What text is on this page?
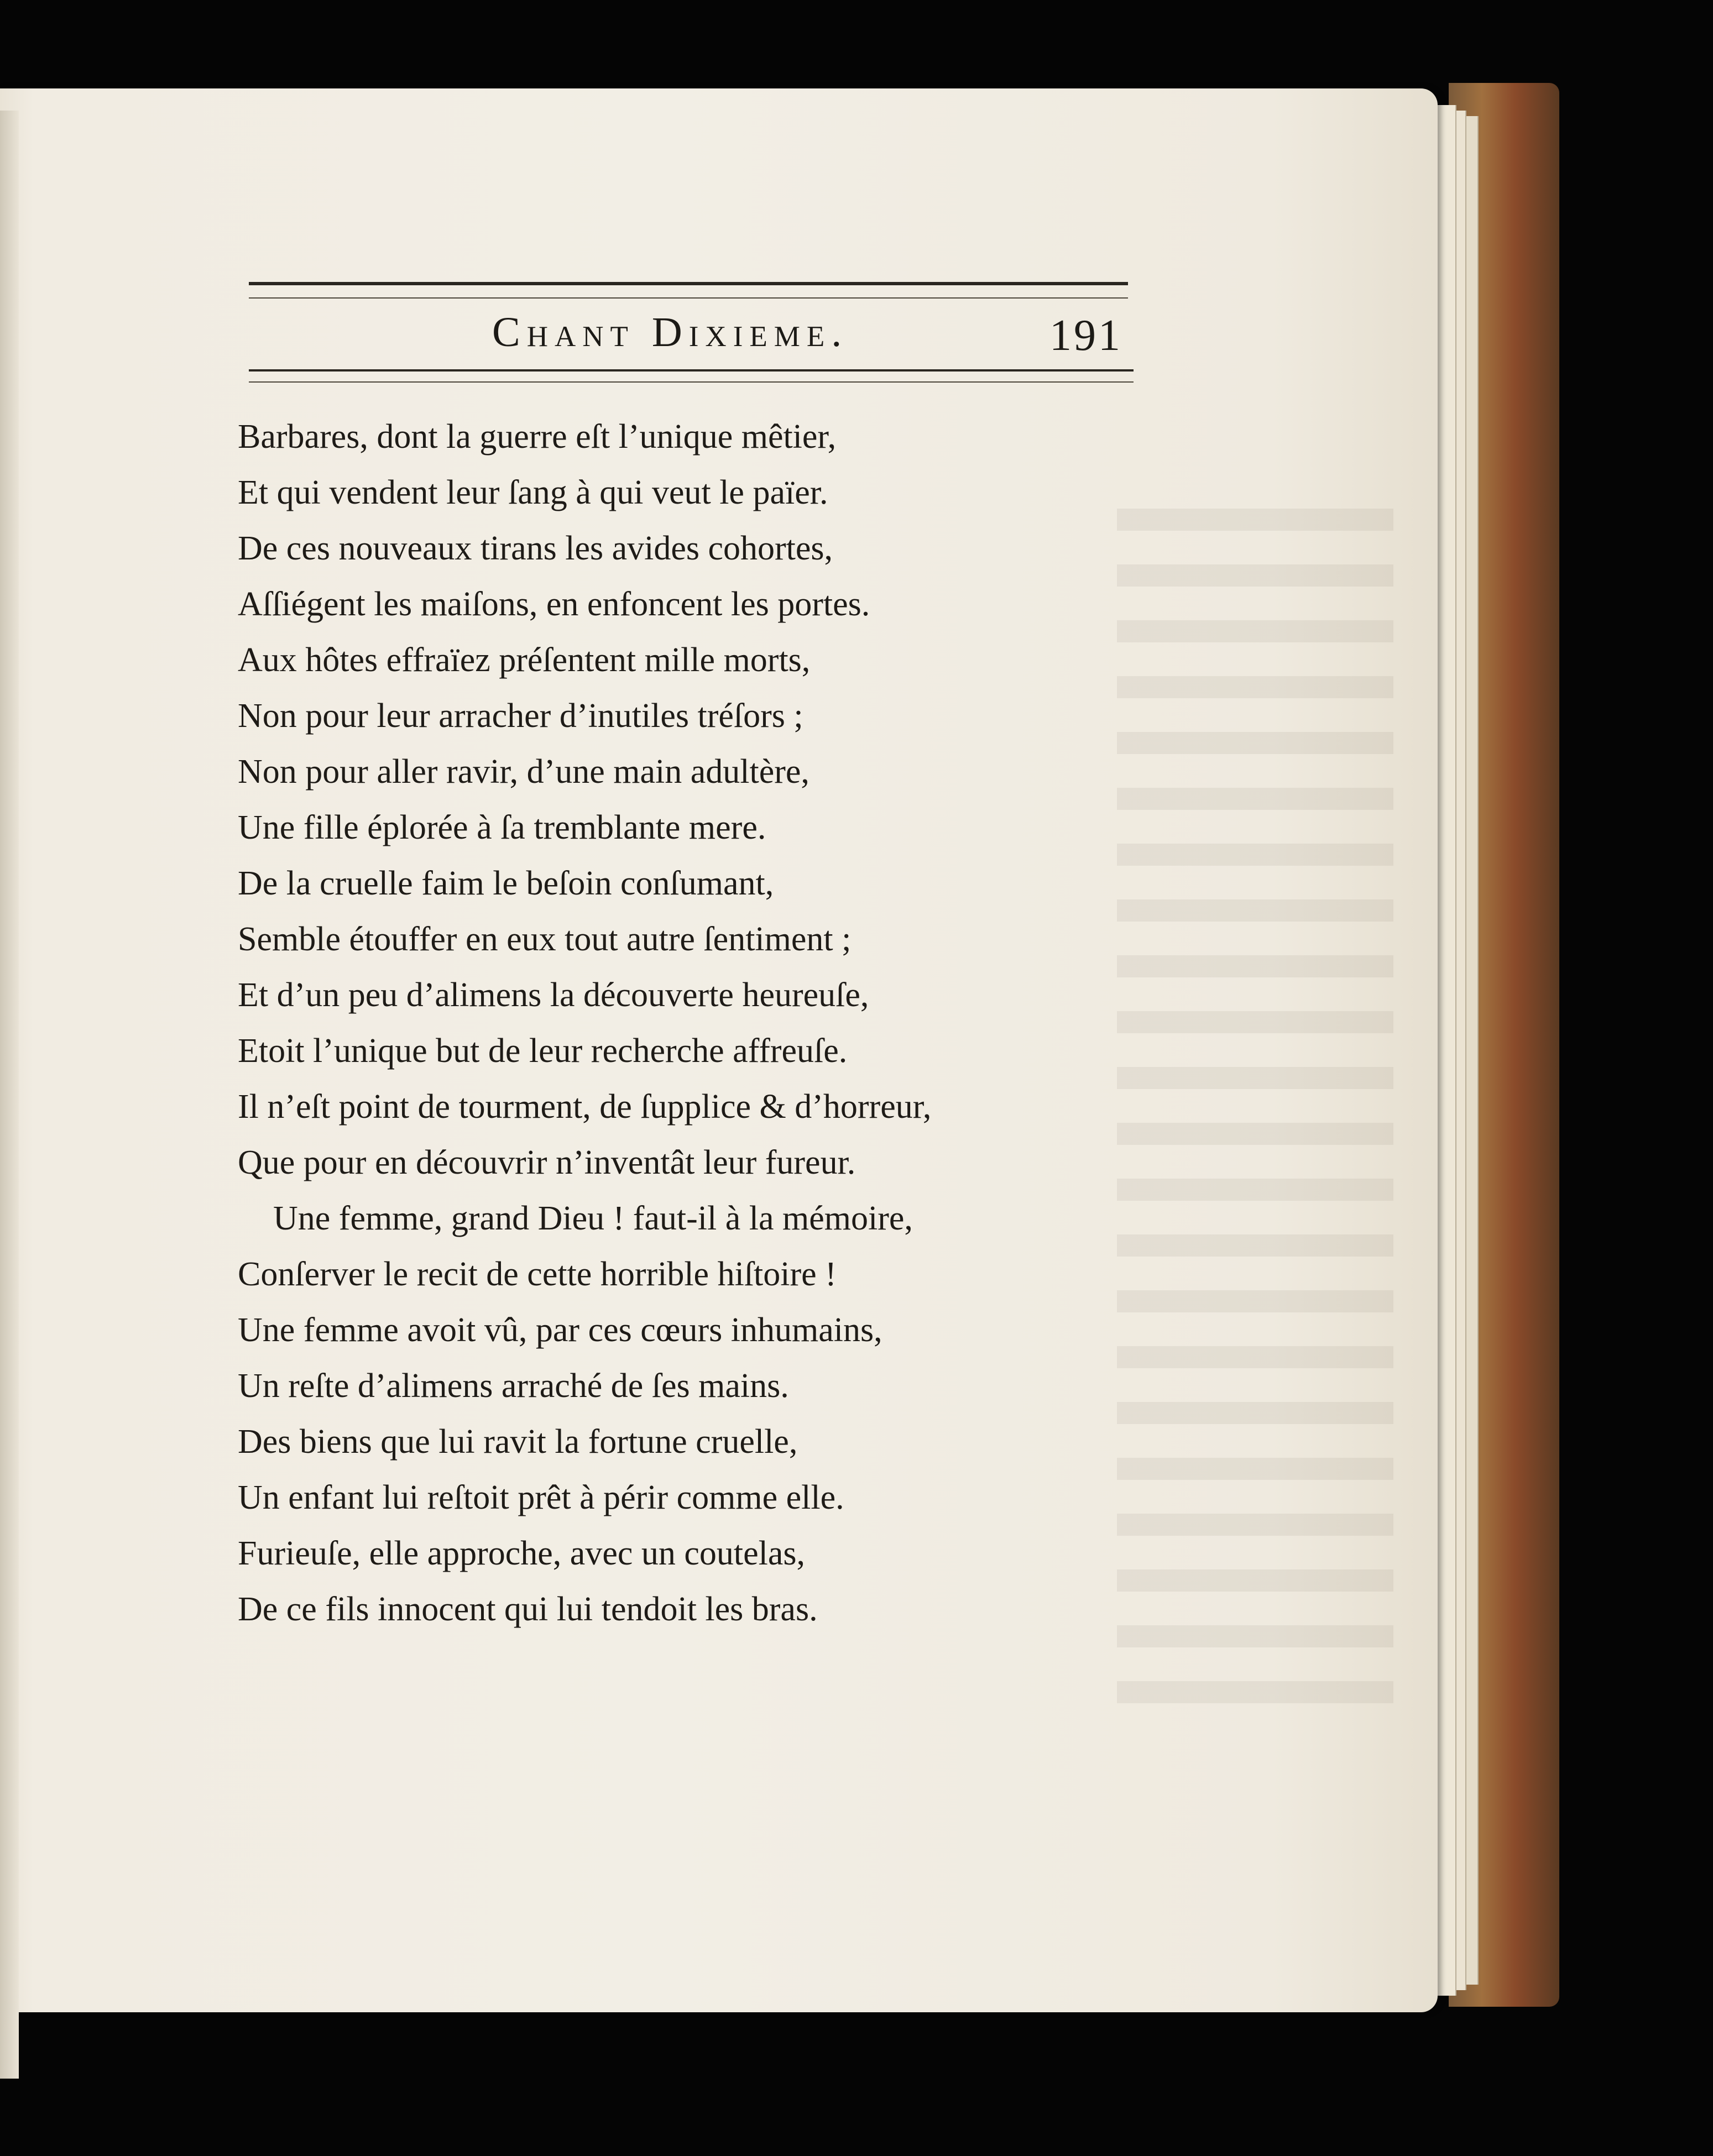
Chant Dixieme.	191
Barbares, dont la guerre eſt l’unique mêtier,
Et qui vendent leur ſang à qui veut le païer.
De ces nouveaux tirans les avides cohortes,
Aſſiégent les maiſons, en enfoncent les portes.
Aux hôtes effraïez préſentent mille morts,
Non pour leur arracher d’inutiles tréſors ;
Non pour aller ravir, d’une main adultère,
Une fille éplorée à ſa tremblante mere.
De la cruelle faim le beſoin conſumant,
Semble étouffer en eux tout autre ſentiment ;
Et d’un peu d’alimens la découverte heureuſe,
Etoit l’unique but de leur recherche affreuſe.
Il n’eſt point de tourment, de ſupplice & d’horreur,
Que pour en découvrir n’inventât leur fureur.
Une femme, grand Dieu ! faut-il à la mémoire,
Conſerver le recit de cette horrible hiſtoire !
Une femme avoit vû, par ces cœurs inhumains,
Un reſte d’alimens arraché de ſes mains.
Des biens que lui ravit la fortune cruelle,
Un enfant lui reſtoit prêt à périr comme elle.
Furieuſe, elle approche, avec un coutelas,
De ce fils innocent qui lui tendoit les bras.
